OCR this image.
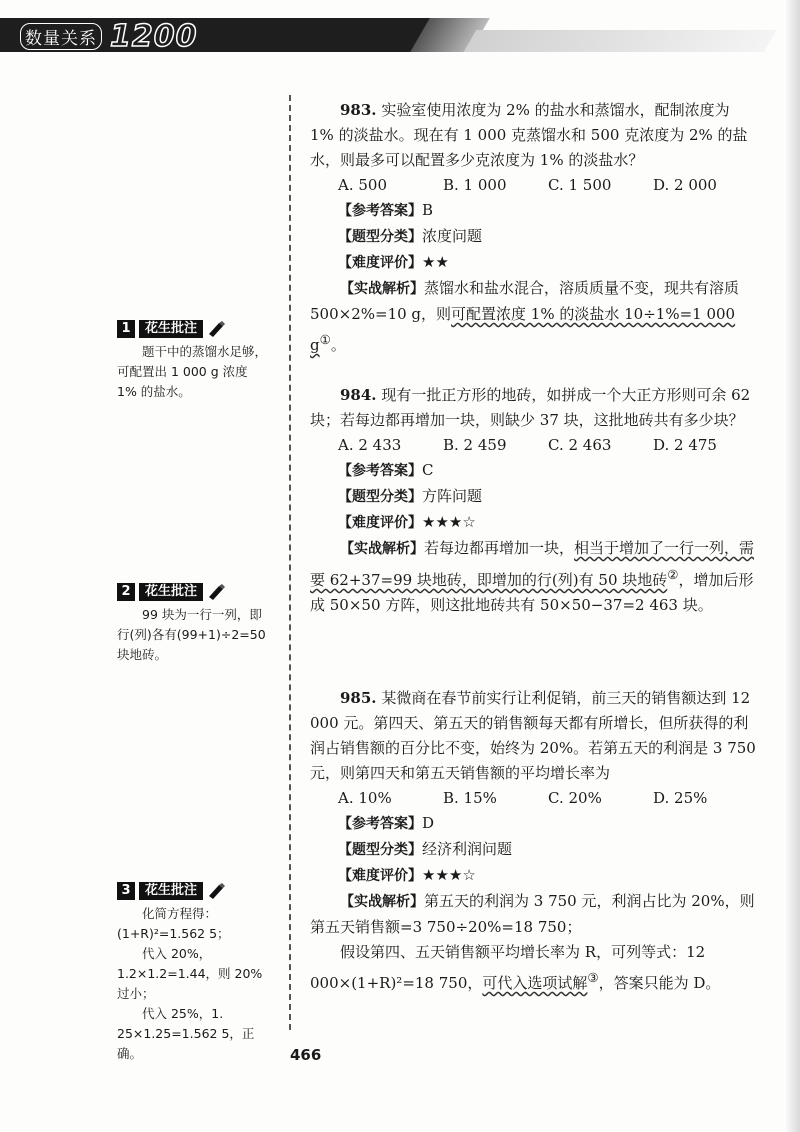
数量关系 1200
1	花生批注

题干中的蒸馏水足够，可配置出 1 000 g 浓度 1% 的盐水。

2	花生批注

99 块为一行一列，即行(列)各有(99+1)÷2=50 块地砖。

3	花生批注

化简方程得：(1+R)²=1.562 5；

代入 20%，1.2×1.2=1.44，则 20%过小；

代入 25%，1. 25×1.25=1.562 5，正确。

983. 实验室使用浓度为 2% 的盐水和蒸馏水，配制浓度为 1% 的淡盐水。现在有 1 000 克蒸馏水和 500 克浓度为 2% 的盐水，则最多可以配置多少克浓度为 1% 的淡盐水？

A. 500	B. 1 000	C. 1 500	D. 2 000

【参考答案】B

【题型分类】浓度问题

【难度评价】★★

【实战解析】蒸馏水和盐水混合，溶质质量不变，现共有溶质 500×2%=10 g，则可配置浓度 1% 的淡盐水 10÷1%=1 000 g①。

984. 现有一批正方形的地砖，如拼成一个大正方形则可余 62 块；若每边都再增加一块，则缺少 37 块，这批地砖共有多少块？

A. 2 433	B. 2 459	C. 2 463	D. 2 475

【参考答案】C

【题型分类】方阵问题

【难度评价】★★★☆

【实战解析】若每边都再增加一块，相当于增加了一行一列，需要 62+37=99 块地砖，即增加的行(列)有 50 块地砖②，增加后形成 50×50 方阵，则这批地砖共有 50×50−37=2 463 块。

985. 某微商在春节前实行让利促销，前三天的销售额达到 12 000 元。第四天、第五天的销售额每天都有所增长，但所获得的利润占销售额的百分比不变，始终为 20%。若第五天的利润是 3 750 元，则第四天和第五天销售额的平均增长率为

A. 10%	B. 15%	C. 20%	D. 25%

【参考答案】D

【题型分类】经济利润问题

【难度评价】★★★☆

【实战解析】第五天的利润为 3 750 元，利润占比为 20%，则第五天销售额=3 750÷20%=18 750；

假设第四、五天销售额平均增长率为 R，可列等式：12 000×(1+R)²=18 750，可代入选项试解③，答案只能为 D。

466
